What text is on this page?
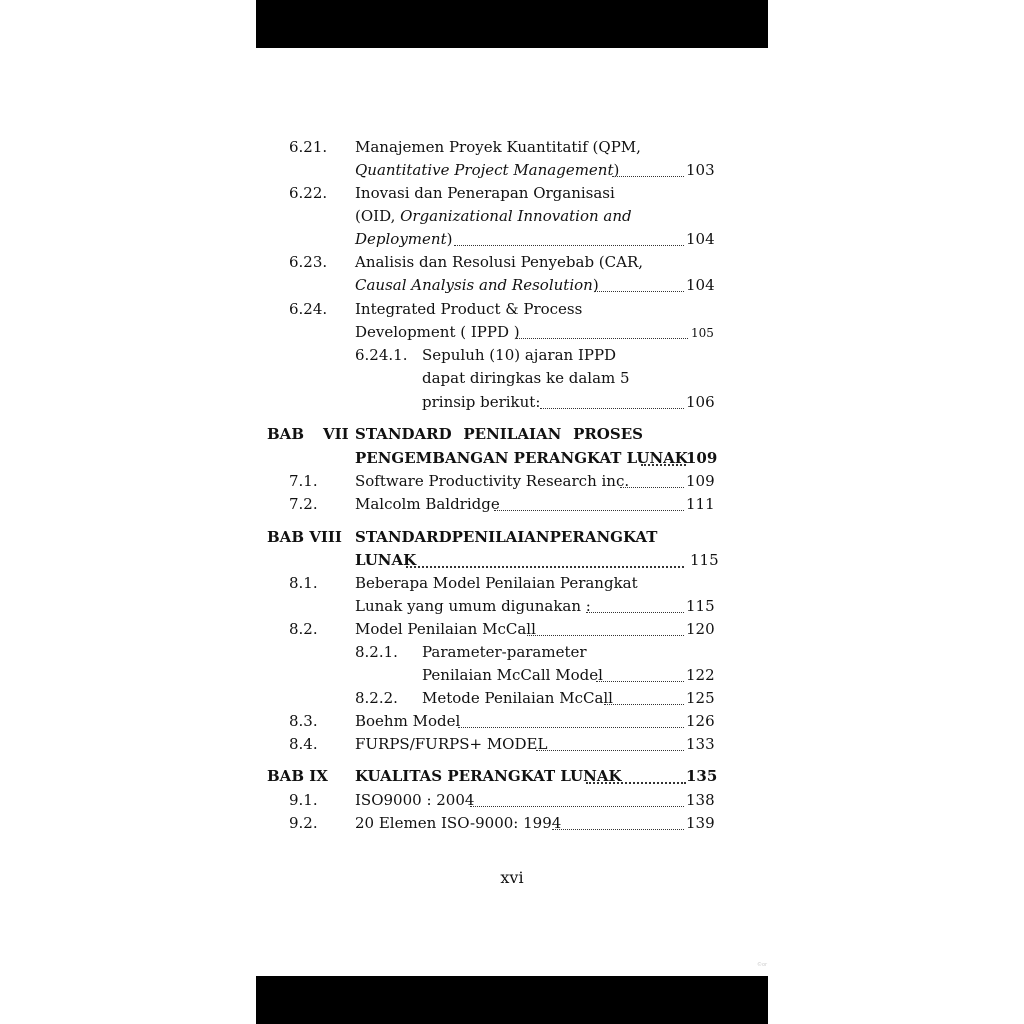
6.21. Manajemen Proyek Kuantitatif (QPM,
Quantitative Project Management)	103
6.22. Inovasi dan Penerapan Organisasi
(OID, Organizational Innovation and
Deployment)	104
6.23. Analisis dan Resolusi Penyebab (CAR,
Causal Analysis and Resolution)	104
6.24. Integrated Product & Process
Development ( IPPD )	105
6.24.1. Sepuluh (10) ajaran IPPD
dapat diringkas ke dalam 5
prinsip berikut:	106
BAB VII STANDARD PENILAIAN PROSES
PENGEMBANGAN PERANGKAT LUNAK
109
7.1. Software Productivity Research inc.	109
7.2. Malcolm Baldridge	111
BAB VIII STANDARD PENILAIAN PERANGKAT
LUNAK	115
8.1. Beberapa Model Penilaian Perangkat
Lunak yang umum digunakan :	115
8.2. Model Penilaian McCall	120
8.2.1. Parameter-parameter
Penilaian McCall Model	122
8.2.2. Metode Penilaian McCall	125
8.3. Boehm Model	126
8.4. FURPS/FURPS+ MODEL	133
BAB IX KUALITAS PERANGKAT LUNAK	135
9.1. ISO9000 : 2004	138
9.2. 20 Elemen ISO-9000: 1994	139
xvi
©or
